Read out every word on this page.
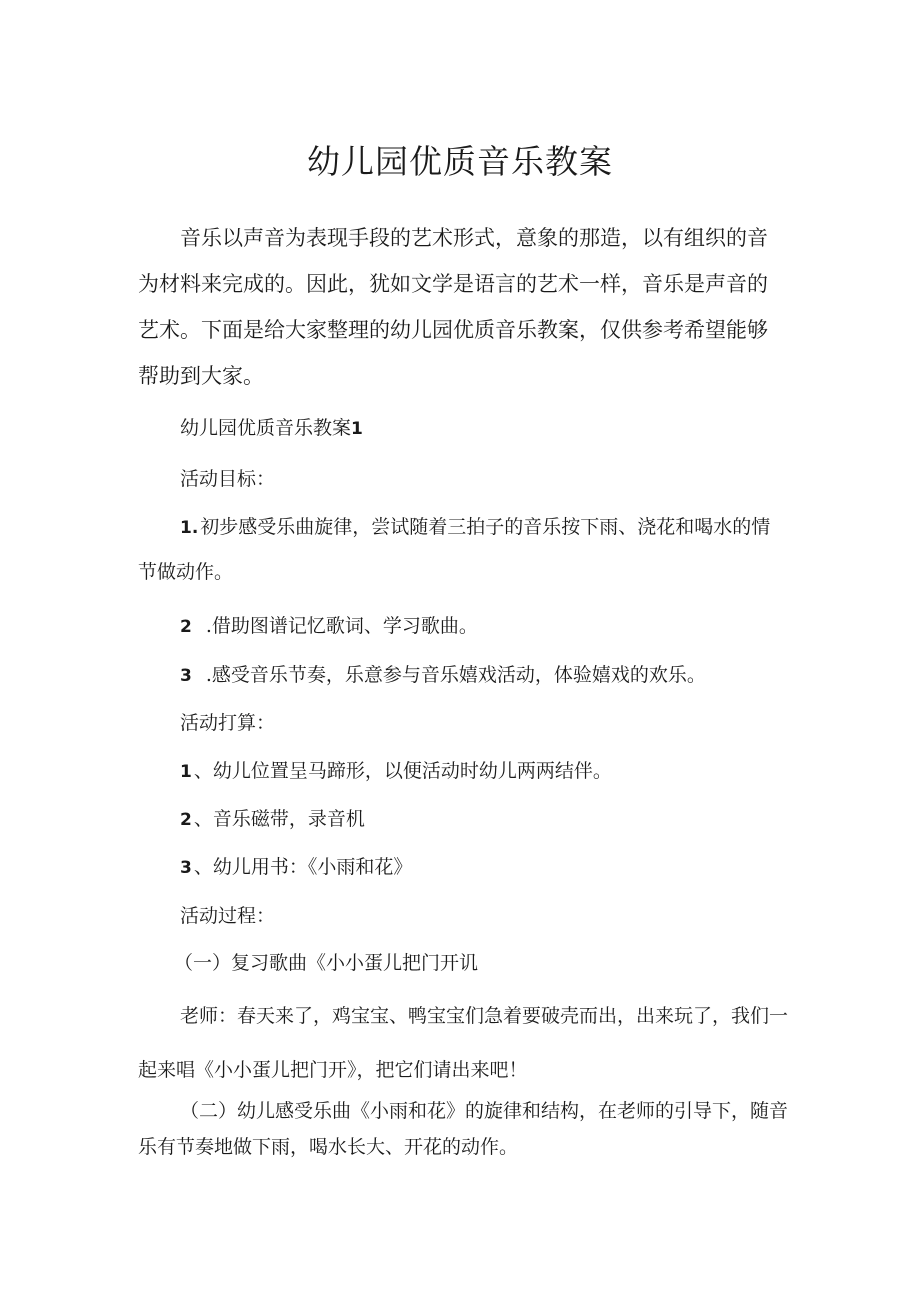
幼儿园优质音乐教案
音乐以声音为表现手段的艺术形式，意象的那造，以有组织的音为材料来完成的。因此，犹如文学是语言的艺术一样，音乐是声音的艺术。下面是给大家整理的幼儿园优质音乐教案，仅供参考希望能够帮助到大家。
幼儿园优质音乐教案1
活动目标：
1. 初步感受乐曲旋律，尝试随着三拍子的音乐按下雨、浇花和喝水的情节做动作。
2 .借助图谱记忆歌词、学习歌曲。
3 .感受音乐节奏，乐意参与音乐嬉戏活动，体验嬉戏的欢乐。
活动打算：
1 、幼儿位置呈马蹄形，以便活动时幼儿两两结伴。
2 、音乐磁带，录音机
3 、幼儿用书：《小雨和花》
活动过程：
（一）复习歌曲《小小蛋儿把门开讥
老师：春天来了，鸡宝宝、鸭宝宝们急着要破壳而出，出来玩了，我们一起来唱《小小蛋儿把门开》，把它们请出来吧！
（二）幼儿感受乐曲《小雨和花》的旋律和结构，在老师的引导下，随音乐有节奏地做下雨，喝水长大、开花的动作。
